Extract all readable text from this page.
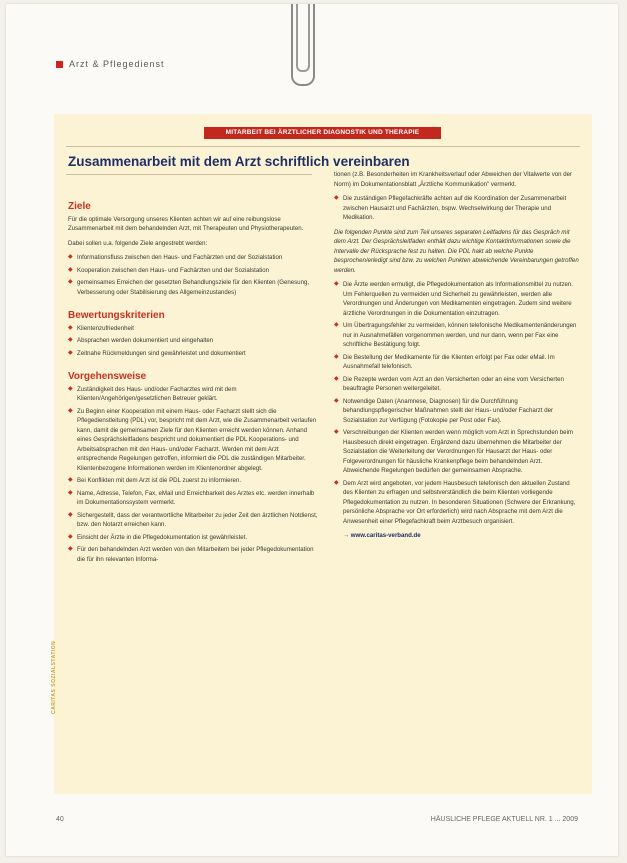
Arzt & Pflegedienst
MITARBEIT BEI ÄRZTLICHER DIAGNOSTIK UND THERAPIE
Zusammenarbeit mit dem Arzt schriftlich vereinbaren
Ziele

Für die optimale Versorgung unseres Klienten achten wir auf eine reibungslose Zusammenarbeit mit dem behandelnden Arzt, mit Therapeuten und Physiotherapeuten.

Dabei sollen u.a. folgende Ziele angestrebt werden:

◆ Informationsfluss zwischen den Haus- und Fachärzten und der Sozialstation
◆ Kooperation zwischen den Haus- und Fachärzten und der Sozialstation
◆ gemeinsames Erreichen der gesetzten Behandlungsziele für den Klienten (Genesung, Verbesserung oder Stabilisierung des Allgemeinzustandes)
Bewertungskriterien
◆ Klientenzufriedenheit
◆ Absprachen werden dokumentiert und eingehalten
◆ Zeitnahe Rückmeldungen sind gewährleistet und dokumentiert
Vorgehensweise
◆ Zuständigkeit des Haus- und/oder Facharztes wird mit dem Klienten/Angehörigen/gesetzlichen Betreuer geklärt.
◆ Zu Beginn einer Kooperation mit einem Haus- oder Facharzt stellt sich die Pflegedienstleitung (PDL) vor, bespricht mit dem Arzt, wie die Zusammenarbeit verlaufen kann, damit die gemeinsamen Ziele für den Klienten erreicht werden können. Anhand eines Gesprächsleitfadens bespricht und dokumentiert die PDL Kooperations- und Arbeitsabsprachen mit den Haus- und/oder Facharzt. Werden mit dem Arzt entsprechende Regelungen getroffen, informiert die PDL die zuständigen Mitarbeiter. Klientenbezogene Informationen werden im Klientenordner abgelegt.
◆ Bei Konflikten mit dem Arzt ist die PDL zuerst zu informieren.
◆ Name, Adresse, Telefon, Fax, eMail und Erreichbarkeit des Arztes etc. werden innerhalb im Dokumentationssystem vermerkt.
◆ Sichergestellt, dass der verantwortliche Mitarbeiter zu jeder Zeit den ärztlichen Notdienst, bzw. den Notarzt erreichen kann.
◆ Einsicht der Ärzte in die Pflegedokumentation ist gewährleistet.
◆ Für den behandelnden Arzt werden von den Mitarbeitern bei jeder Pflegedokumentation die für ihn relevanten Informa-

tionen (z.B. Besonderheiten im Krankheitsverlauf oder Abweichen der Vitalwerte von der Norm) im Dokumentationsblatt „Ärztliche Kommunikation" vermerkt.

◆ Die zuständigen Pflegefachkräfte achten auf die Koordination der Zusammenarbeit zwischen Hausarzt und Fachärzten, bspw. Wechselwirkung der Therapie und Medikation.

Die folgenden Punkte sind zum Teil unseres separaten Leitfadens für das Gespräch mit dem Arzt. Der Gesprächsleitfaden enthält dazu wichtige Kontaktinformationen sowie die Intervalle der Rücksprache fest zu halten. Die PDL hakt ab welche Punkte besprochen/erledigt sind bzw. zu welchen Punkten abweichende Vereinbarungen getroffen werden.

◆ Die Ärzte werden ermutigt, die Pflegedokumentation als Informationsmittel zu nutzen. Um Fehlerquellen zu vermeiden und Sicherheit zu gewährleisten, werden alle Verordnungen und Änderungen von Medikamenten eingetragen. Zudem sind weitere ärztliche Verordnungen in die Dokumentation einzutragen.
◆ Um Übertragungsfehler zu vermeiden, können telefonische Medikamentenänderungen nur in Ausnahmefällen vorgenommen werden, und nur dann, wenn per Fax eine schriftliche Bestätigung folgt.
◆ Die Bestellung der Medikamente für die Klienten erfolgt per Fax oder eMail. Im Ausnahmefall telefonisch.
◆ Die Rezepte werden vom Arzt an den Versicherten oder an eine vom Versicherten beauftragte Personen weitergeleitet.
◆ Notwendige Daten (Anamnese, Diagnosen) für die Durchführung behandlungspflegerischer Maßnahmen stellt der Haus- und/oder Facharzt der Sozialstation zur Verfügung (Fotokopie per Post oder Fax).
◆ Verschreibungen der Klienten werden wenn möglich vom Arzt in Sprechstunden beim Hausbesuch direkt eingetragen. Ergänzend dazu übernehmen die Mitarbeiter der Sozialstation die Weiterleitung der Verordnungen für Hausarzt der Haus- oder Folgeverordnungen für häusliche Krankenpflege beim behandelnden Arzt. Abweichende Regelungen bedürfen der gemeinsamen Absprache.
◆ Dem Arzt wird angeboten, vor jedem Hausbesuch telefonisch den aktuellen Zustand des Klienten zu erfragen und selbstverständlich die beim Klienten vorliegende Pflegedokumentation zu nutzen. In besonderen Situationen (Schwere der Erkrankung, persönliche Absprache vor Ort erforderlich) wird nach Absprache mit dem Arzt die Anwesenheit einer Pflegefachkraft beim Arztbesuch organisiert.
→ www.caritas-verband.de
CARITAS SOZIALSTATION
40	HÄUSLICHE PFLEGE AKTUELL NR. 1 ... 2009
